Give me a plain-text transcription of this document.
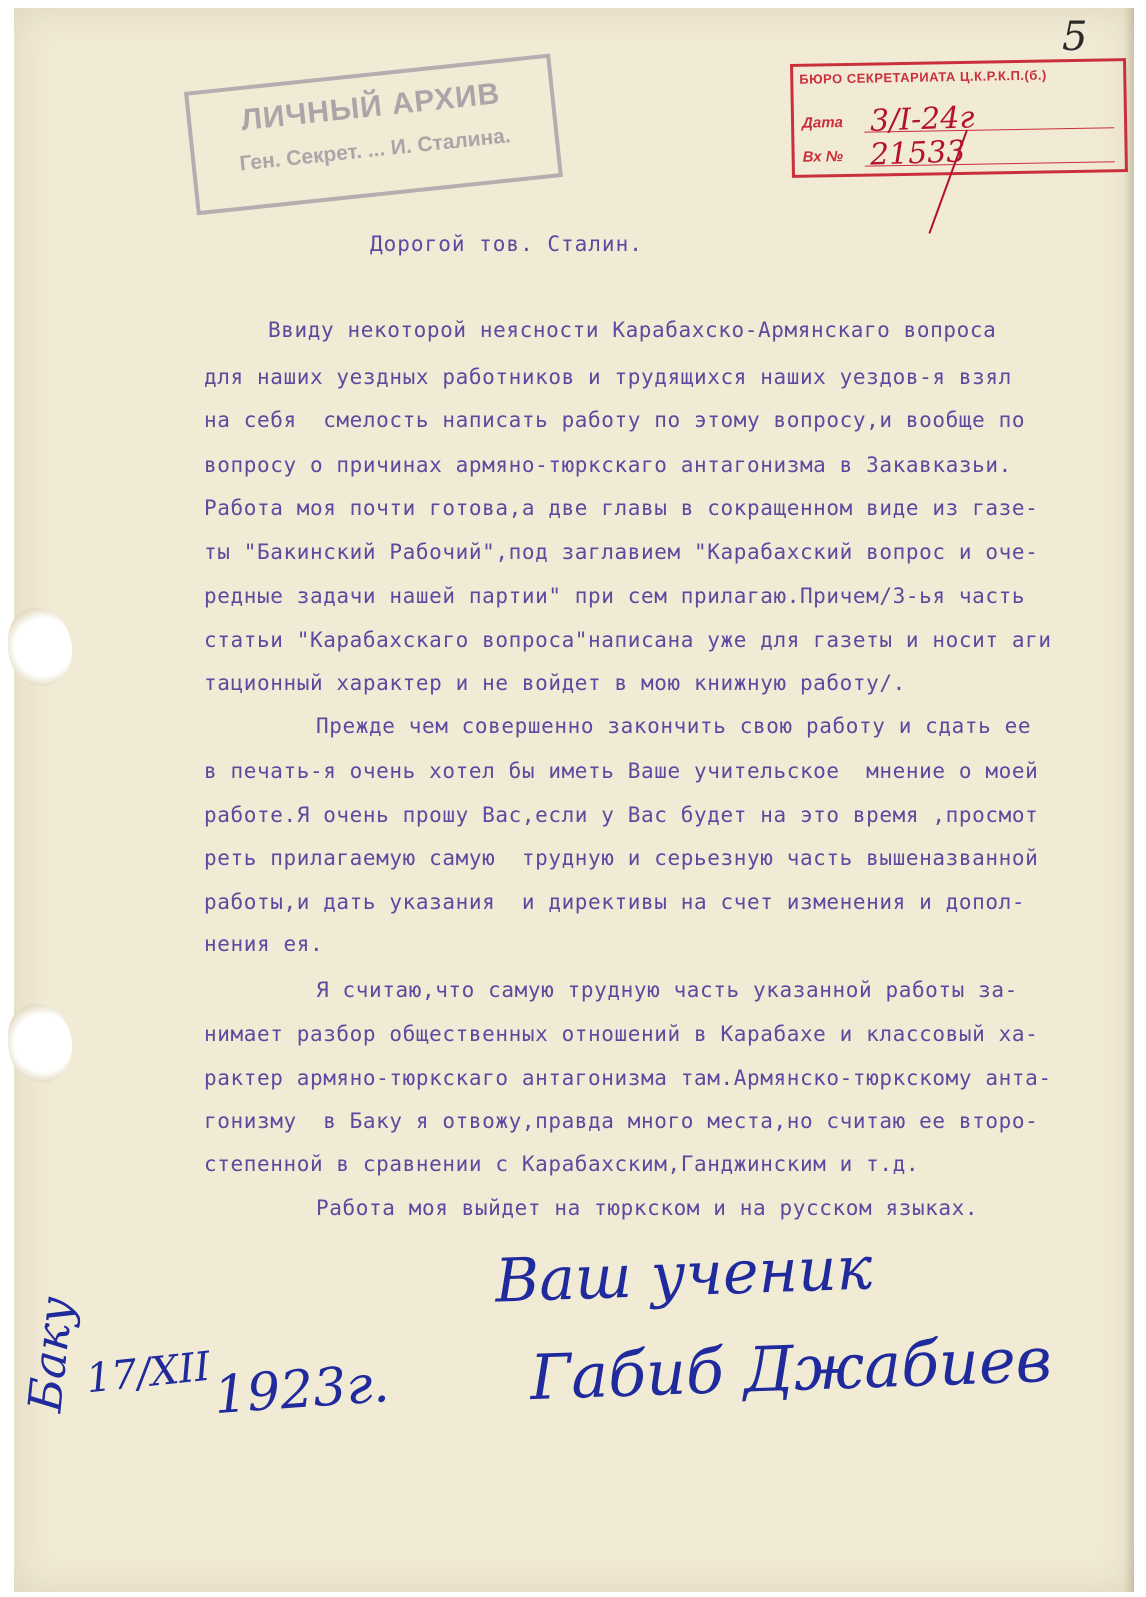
5
ЛИЧНЫЙ АРХИВ
Ген. Секрет. ... И. Сталина.
БЮРО СЕКРЕТАРИАТА Ц.К.Р.К.П.(б.)
Дата
Вх №
3/I-24г
21533
Дорогой тов. Сталин.
Ввиду некоторой неясности Карабахско-Армянскаго вопроса
для наших уездных работников и трудящихся наших уездов-я взял
на себя  смелость написать работу по этому вопросу,и вообще по
вопросу о причинах армяно-тюркскаго антагонизма в Закавказьи.
Работа моя почти готова,а две главы в сокращенном виде из газе-
ты "Бакинский Рабочий",под заглавием "Карабахский вопрос и оче-
редные задачи нашей партии" при сем прилагаю.Причем/3-ья часть
статьи "Карабахскаго вопроса"написана уже для газеты и носит аги
тационный характер и не войдет в мою книжную работу/.
Прежде чем совершенно закончить свою работу и сдать ее
в печать-я очень хотел бы иметь Ваше учительское  мнение о моей
работе.Я очень прошу Вас,если у Вас будет на это время ,просмот
реть прилагаемую самую  трудную и серьезную часть вышеназванной
работы,и дать указания  и директивы на счет изменения и допол-
нения ея.
Я считаю,что самую трудную часть указанной работы за-
нимает разбор общественных отношений в Карабахе и классовый ха-
рактер армяно-тюркскаго антагонизма там.Армянско-тюркскому анта-
гонизму  в Баку я отвожу,правда много места,но считаю ее второ-
степенной в сравнении с Карабахским,Ганджинским и т.д.
Работа моя выйдет на тюркском и на русском языках.
Ваш ученик
Габиб Джабиев
Баку 17/XII 1923г.
